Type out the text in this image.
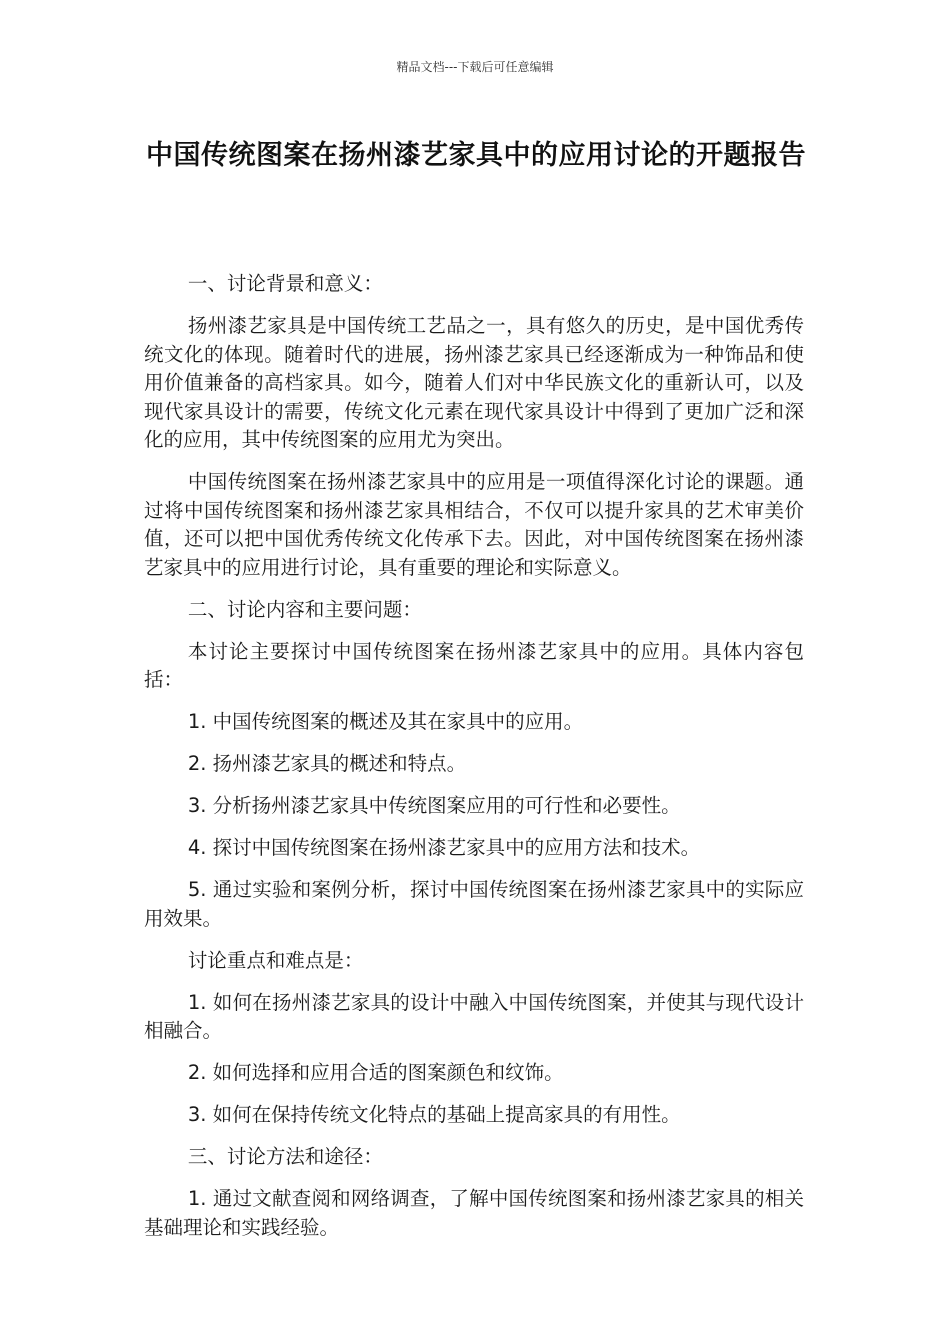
精品文档---下载后可任意编辑
中国传统图案在扬州漆艺家具中的应用讨论的开题报告

一、讨论背景和意义：

扬州漆艺家具是中国传统工艺品之一，具有悠久的历史，是中国优秀传统文化的体现。随着时代的进展，扬州漆艺家具已经逐渐成为一种饰品和使用价值兼备的高档家具。如今，随着人们对中华民族文化的重新认可，以及现代家具设计的需要，传统文化元素在现代家具设计中得到了更加广泛和深化的应用，其中传统图案的应用尤为突出。

中国传统图案在扬州漆艺家具中的应用是一项值得深化讨论的课题。通过将中国传统图案和扬州漆艺家具相结合，不仅可以提升家具的艺术审美价值，还可以把中国优秀传统文化传承下去。因此，对中国传统图案在扬州漆艺家具中的应用进行讨论，具有重要的理论和实际意义。

二、讨论内容和主要问题：

本讨论主要探讨中国传统图案在扬州漆艺家具中的应用。具体内容包括：

1. 中国传统图案的概述及其在家具中的应用。

2. 扬州漆艺家具的概述和特点。

3. 分析扬州漆艺家具中传统图案应用的可行性和必要性。

4. 探讨中国传统图案在扬州漆艺家具中的应用方法和技术。

5. 通过实验和案例分析，探讨中国传统图案在扬州漆艺家具中的实际应用效果。

讨论重点和难点是：

1. 如何在扬州漆艺家具的设计中融入中国传统图案，并使其与现代设计相融合。

2. 如何选择和应用合适的图案颜色和纹饰。

3. 如何在保持传统文化特点的基础上提高家具的有用性。

三、讨论方法和途径：

1. 通过文献查阅和网络调查，了解中国传统图案和扬州漆艺家具的相关基础理论和实践经验。
